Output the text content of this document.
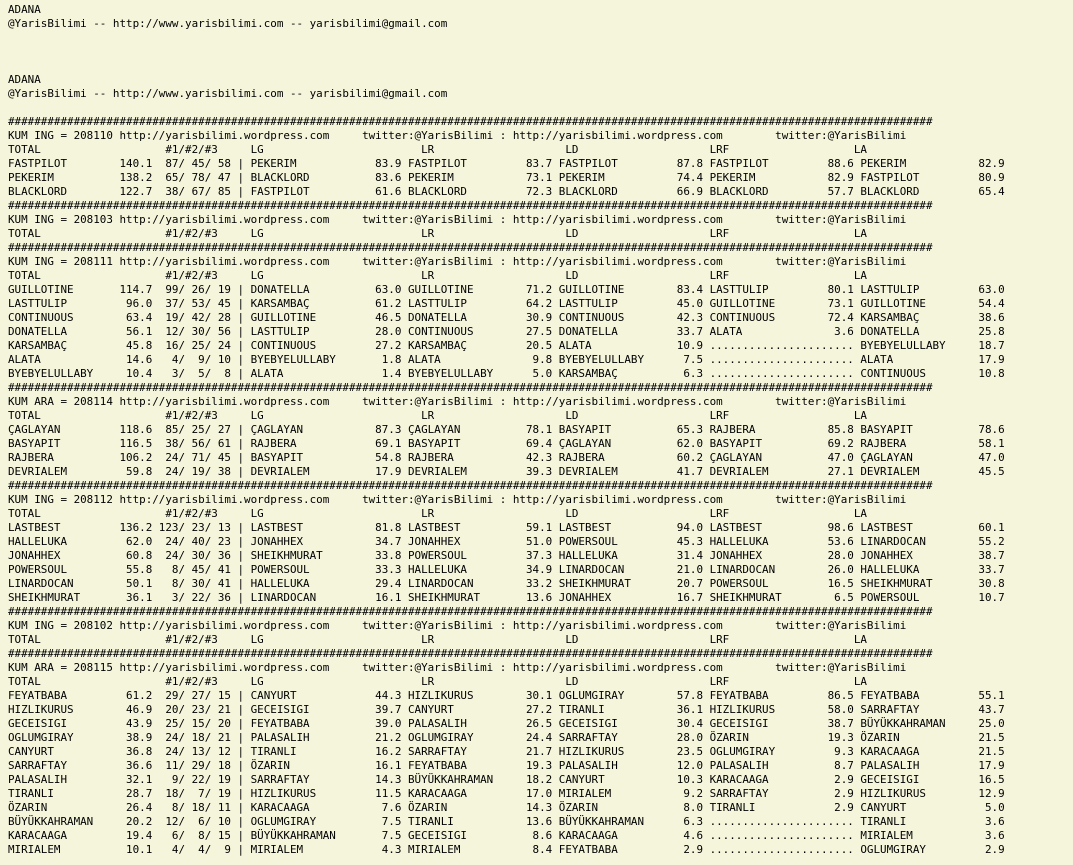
ADANA
@YarisBilimi -- http://www.yarisbilimi.com -- yarisbilimi@gmail.com
ADANA
@YarisBilimi -- http://www.yarisbilimi.com -- yarisbilimi@gmail.com
#############################################################################################################################################
KUM ING = 208110 http://yarisbilimi.wordpress.com     twitter:@YarisBilimi : http://yarisbilimi.wordpress.com        twitter:@YarisBilimi
TOTAL                   #1/#2/#3     LG                        LR                    LD                    LRF                   LA
FASTPILOT        140.1  87/ 45/ 58 | PEKERIM            83.9 FASTPILOT         83.7 FASTPILOT         87.8 FASTPILOT         88.6 PEKERIM           82.9
PEKERIM          138.2  65/ 78/ 47 | BLACKLORD          83.6 PEKERIM           73.1 PEKERIM           74.4 PEKERIM           82.9 FASTPILOT         80.9
BLACKLORD        122.7  38/ 67/ 85 | FASTPILOT          61.6 BLACKLORD         72.3 BLACKLORD         66.9 BLACKLORD         57.7 BLACKLORD         65.4
#############################################################################################################################################
KUM ING = 208103 http://yarisbilimi.wordpress.com     twitter:@YarisBilimi : http://yarisbilimi.wordpress.com        twitter:@YarisBilimi
TOTAL                   #1/#2/#3     LG                        LR                    LD                    LRF                   LA
#############################################################################################################################################
KUM ING = 208111 http://yarisbilimi.wordpress.com     twitter:@YarisBilimi : http://yarisbilimi.wordpress.com        twitter:@YarisBilimi
TOTAL                   #1/#2/#3     LG                        LR                    LD                    LRF                   LA
GUILLOTINE       114.7  99/ 26/ 19 | DONATELLA          63.0 GUILLOTINE        71.2 GUILLOTINE        83.4 LASTTULIP         80.1 LASTTULIP         63.0
LASTTULIP         96.0  37/ 53/ 45 | KARSAMBAÇ          61.2 LASTTULIP         64.2 LASTTULIP         45.0 GUILLOTINE        73.1 GUILLOTINE        54.4
CONTINUOUS        63.4  19/ 42/ 28 | GUILLOTINE         46.5 DONATELLA         30.9 CONTINUOUS        42.3 CONTINUOUS        72.4 KARSAMBAÇ         38.6
DONATELLA         56.1  12/ 30/ 56 | LASTTULIP          28.0 CONTINUOUS        27.5 DONATELLA         33.7 ALATA              3.6 DONATELLA         25.8
KARSAMBAÇ         45.8  16/ 25/ 24 | CONTINUOUS         27.2 KARSAMBAÇ         20.5 ALATA             10.9 ...................... BYEBYELULLABY     18.7
ALATA             14.6   4/  9/ 10 | BYEBYELULLABY       1.8 ALATA              9.8 BYEBYELULLABY      7.5 ...................... ALATA             17.9
BYEBYELULLABY     10.4   3/  5/  8 | ALATA               1.4 BYEBYELULLABY      5.0 KARSAMBAÇ          6.3 ...................... CONTINUOUS        10.8
#############################################################################################################################################
KUM ARA = 208114 http://yarisbilimi.wordpress.com     twitter:@YarisBilimi : http://yarisbilimi.wordpress.com        twitter:@YarisBilimi
TOTAL                   #1/#2/#3     LG                        LR                    LD                    LRF                   LA
ÇAGLAYAN         118.6  85/ 25/ 27 | ÇAGLAYAN           87.3 ÇAGLAYAN          78.1 BASYAPIT          65.3 RAJBERA           85.8 BASYAPIT          78.6
BASYAPIT         116.5  38/ 56/ 61 | RAJBERA            69.1 BASYAPIT          69.4 ÇAGLAYAN          62.0 BASYAPIT          69.2 RAJBERA           58.1
RAJBERA          106.2  24/ 71/ 45 | BASYAPIT           54.8 RAJBERA           42.3 RAJBERA           60.2 ÇAGLAYAN          47.0 ÇAGLAYAN          47.0
DEVRIALEM         59.8  24/ 19/ 38 | DEVRIALEM          17.9 DEVRIALEM         39.3 DEVRIALEM         41.7 DEVRIALEM         27.1 DEVRIALEM         45.5
#############################################################################################################################################
KUM ING = 208112 http://yarisbilimi.wordpress.com     twitter:@YarisBilimi : http://yarisbilimi.wordpress.com        twitter:@YarisBilimi
TOTAL                   #1/#2/#3     LG                        LR                    LD                    LRF                   LA
LASTBEST         136.2 123/ 23/ 13 | LASTBEST           81.8 LASTBEST          59.1 LASTBEST          94.0 LASTBEST          98.6 LASTBEST          60.1
HALLELUKA         62.0  24/ 40/ 23 | JONAHHEX           34.7 JONAHHEX          51.0 POWERSOUL         45.3 HALLELUKA         53.6 LINARDOCAN        55.2
JONAHHEX          60.8  24/ 30/ 36 | SHEIKHMURAT        33.8 POWERSOUL         37.3 HALLELUKA         31.4 JONAHHEX          28.0 JONAHHEX          38.7
POWERSOUL         55.8   8/ 45/ 41 | POWERSOUL          33.3 HALLELUKA         34.9 LINARDOCAN        21.0 LINARDOCAN        26.0 HALLELUKA         33.7
LINARDOCAN        50.1   8/ 30/ 41 | HALLELUKA          29.4 LINARDOCAN        33.2 SHEIKHMURAT       20.7 POWERSOUL         16.5 SHEIKHMURAT       30.8
SHEIKHMURAT       36.1   3/ 22/ 36 | LINARDOCAN         16.1 SHEIKHMURAT       13.6 JONAHHEX          16.7 SHEIKHMURAT        6.5 POWERSOUL         10.7
#############################################################################################################################################
KUM ING = 208102 http://yarisbilimi.wordpress.com     twitter:@YarisBilimi : http://yarisbilimi.wordpress.com        twitter:@YarisBilimi
TOTAL                   #1/#2/#3     LG                        LR                    LD                    LRF                   LA
#############################################################################################################################################
KUM ARA = 208115 http://yarisbilimi.wordpress.com     twitter:@YarisBilimi : http://yarisbilimi.wordpress.com        twitter:@YarisBilimi
TOTAL                   #1/#2/#3     LG                        LR                    LD                    LRF                   LA
FEYATBABA         61.2  29/ 27/ 15 | CANYURT            44.3 HIZLIKURUS        30.1 OGLUMGIRAY        57.8 FEYATBABA         86.5 FEYATBABA         55.1
HIZLIKURUS        46.9  20/ 23/ 21 | GECEISIGI          39.7 CANYURT           27.2 TIRANLI           36.1 HIZLIKURUS        58.0 SARRAFTAY         43.7
GECEISIGI         43.9  25/ 15/ 20 | FEYATBABA          39.0 PALASALIH         26.5 GECEISIGI         30.4 GECEISIGI         38.7 BÜYÜKKAHRAMAN     25.0
OGLUMGIRAY        38.9  24/ 18/ 21 | PALASALIH          21.2 OGLUMGIRAY        24.4 SARRAFTAY         28.0 ÖZARIN            19.3 ÖZARIN            21.5
CANYURT           36.8  24/ 13/ 12 | TIRANLI            16.2 SARRAFTAY         21.7 HIZLIKURUS        23.5 OGLUMGIRAY         9.3 KARACAAGA         21.5
SARRAFTAY         36.6  11/ 29/ 18 | ÖZARIN             16.1 FEYATBABA         19.3 PALASALIH         12.0 PALASALIH          8.7 PALASALIH         17.9
PALASALIH         32.1   9/ 22/ 19 | SARRAFTAY          14.3 BÜYÜKKAHRAMAN     18.2 CANYURT           10.3 KARACAAGA          2.9 GECEISIGI         16.5
TIRANLI           28.7  18/  7/ 19 | HIZLIKURUS         11.5 KARACAAGA         17.0 MIRIALEM           9.2 SARRAFTAY          2.9 HIZLIKURUS        12.9
ÖZARIN            26.4   8/ 18/ 11 | KARACAAGA           7.6 ÖZARIN            14.3 ÖZARIN             8.0 TIRANLI            2.9 CANYURT            5.0
BÜYÜKKAHRAMAN     20.2  12/  6/ 10 | OGLUMGIRAY          7.5 TIRANLI           13.6 BÜYÜKKAHRAMAN      6.3 ...................... TIRANLI            3.6
KARACAAGA         19.4   6/  8/ 15 | BÜYÜKKAHRAMAN       7.5 GECEISIGI          8.6 KARACAAGA          4.6 ...................... MIRIALEM           3.6
MIRIALEM          10.1   4/  4/  9 | MIRIALEM            4.3 MIRIALEM           8.4 FEYATBABA          2.9 ...................... OGLUMGIRAY         2.9
